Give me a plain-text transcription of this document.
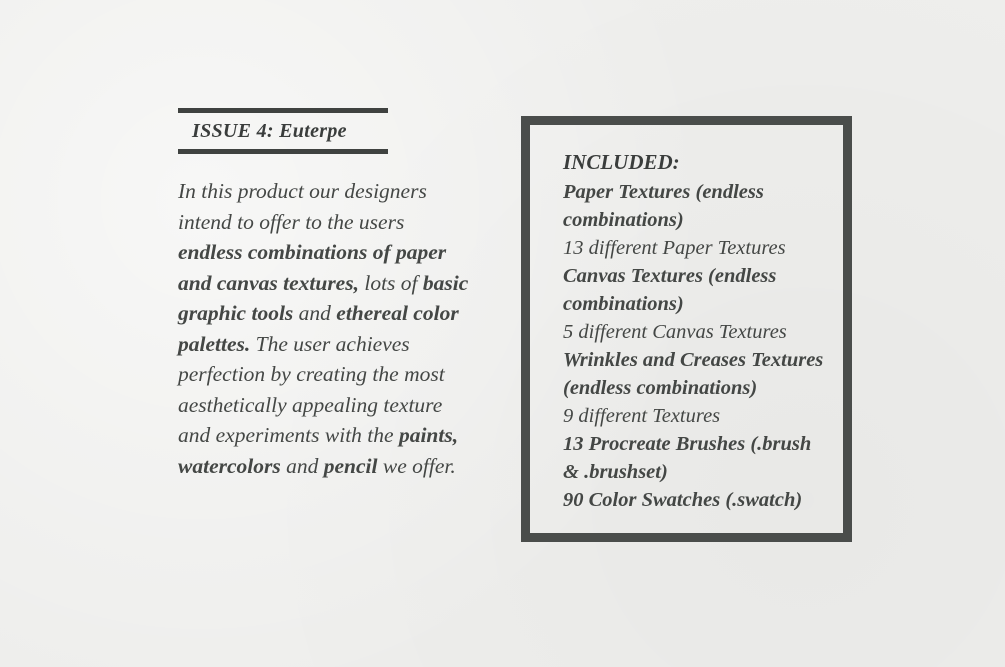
ISSUE 4: Euterpe
In this product our designers intend to offer to the users endless combinations of paper and canvas textures, lots of basic graphic tools and ethereal color palettes. The user achieves perfection by creating the most aesthetically appealing texture and experiments with the paints, watercolors and pencil we offer.
INCLUDED:
Paper Textures (endless combinations)
13 different Paper Textures
Canvas Textures (endless combinations)
5 different Canvas Textures
Wrinkles and Creases Textures (endless combinations)
9 different Textures
13 Procreate Brushes (.brush & .brushset)
90 Color Swatches (.swatch)
